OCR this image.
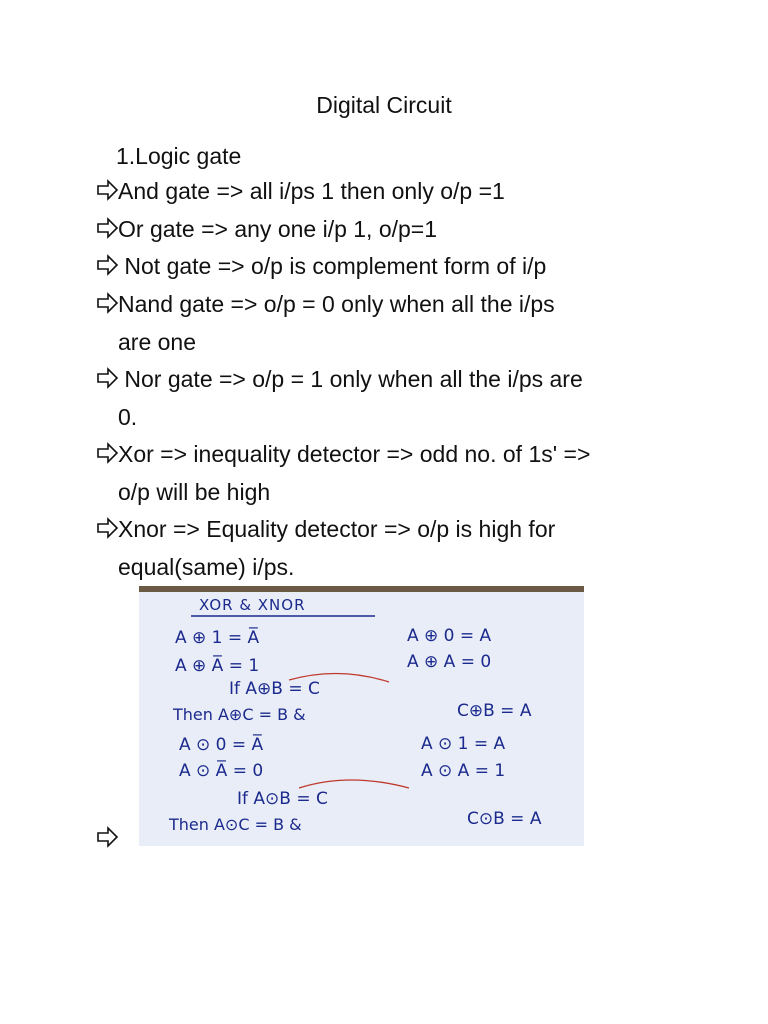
Digital Circuit
1.Logic gate
And gate => all i/ps 1 then only o/p =1
Or gate => any one i/p 1, o/p=1
Not gate => o/p is complement form of i/p
Nand gate => o/p = 0 only when all the i/ps
are one
Nor gate => o/p = 1 only when all the i/ps are
0.
Xor => inequality detector => odd no. of 1s' =>
o/p will be high
Xnor => Equality detector => o/p is high for
equal(same) i/ps.
XOR & XNOR
A ⊕ 1 = A̅	A ⊕ 0 = A
A ⊕ A̅ = 1	A ⊕ A = 0
If A⊕B = C
Then A⊕C = B &	C⊕B = A
A ⊙ 0 = A̅	A ⊙ 1 = A
A ⊙ A̅ = 0	A ⊙ A = 1
If A⊙B = C
Then A⊙C = B &	C⊙B = A
